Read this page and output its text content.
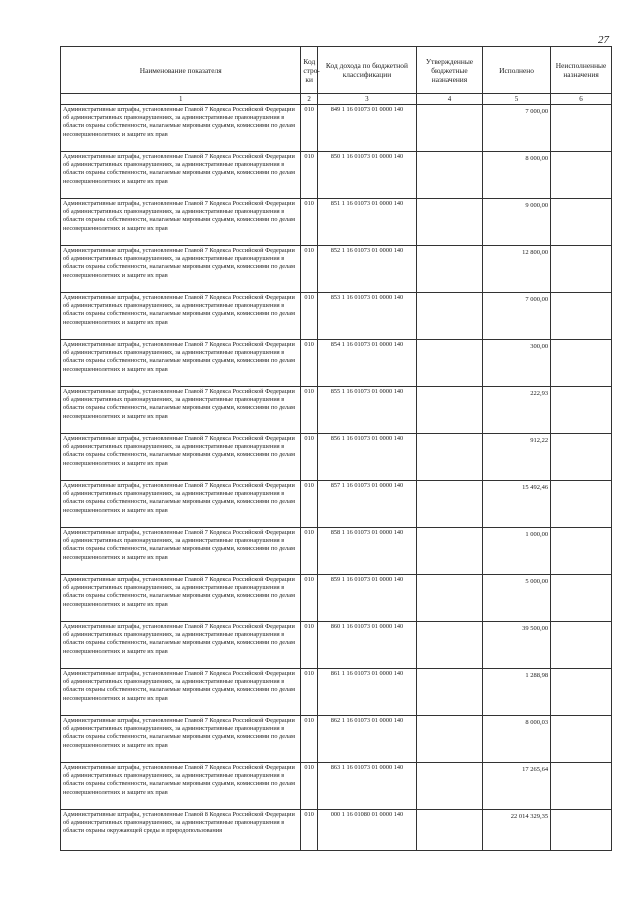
27
Наименование показателя	Код стро-ки	Код дохода по бюджетной классификации	Утвержденные бюджетные назначения	Исполнено	Неисполненные назначения
1	2	3	4	5	6
Административные штрафы, установленные Главой 7 Кодекса Российской Федерации об административных правонарушениях, за административные правонарушения в области охраны собственности, налагаемые мировыми судьями, комиссиями по делам несовершеннолетних и защите их прав	010	849 1 16 01073 01 0000 140		7 000,00	
Административные штрафы, установленные Главой 7 Кодекса Российской Федерации об административных правонарушениях, за административные правонарушения в области охраны собственности, налагаемые мировыми судьями, комиссиями по делам несовершеннолетних и защите их прав	010	850 1 16 01073 01 0000 140		8 000,00	
Административные штрафы, установленные Главой 7 Кодекса Российской Федерации об административных правонарушениях, за административные правонарушения в области охраны собственности, налагаемые мировыми судьями, комиссиями по делам несовершеннолетних и защите их прав	010	851 1 16 01073 01 0000 140		9 000,00	
Административные штрафы, установленные Главой 7 Кодекса Российской Федерации об административных правонарушениях, за административные правонарушения в области охраны собственности, налагаемые мировыми судьями, комиссиями по делам несовершеннолетних и защите их прав	010	852 1 16 01073 01 0000 140		12 800,00	
Административные штрафы, установленные Главой 7 Кодекса Российской Федерации об административных правонарушениях, за административные правонарушения в области охраны собственности, налагаемые мировыми судьями, комиссиями по делам несовершеннолетних и защите их прав	010	853 1 16 01073 01 0000 140		7 000,00	
Административные штрафы, установленные Главой 7 Кодекса Российской Федерации об административных правонарушениях, за административные правонарушения в области охраны собственности, налагаемые мировыми судьями, комиссиями по делам несовершеннолетних и защите их прав	010	854 1 16 01073 01 0000 140		300,00	
Административные штрафы, установленные Главой 7 Кодекса Российской Федерации об административных правонарушениях, за административные правонарушения в области охраны собственности, налагаемые мировыми судьями, комиссиями по делам несовершеннолетних и защите их прав	010	855 1 16 01073 01 0000 140		222,93	
Административные штрафы, установленные Главой 7 Кодекса Российской Федерации об административных правонарушениях, за административные правонарушения в области охраны собственности, налагаемые мировыми судьями, комиссиями по делам несовершеннолетних и защите их прав	010	856 1 16 01073 01 0000 140		912,22	
Административные штрафы, установленные Главой 7 Кодекса Российской Федерации об административных правонарушениях, за административные правонарушения в области охраны собственности, налагаемые мировыми судьями, комиссиями по делам несовершеннолетних и защите их прав	010	857 1 16 01073 01 0000 140		15 492,46	
Административные штрафы, установленные Главой 7 Кодекса Российской Федерации об административных правонарушениях, за административные правонарушения в области охраны собственности, налагаемые мировыми судьями, комиссиями по делам несовершеннолетних и защите их прав	010	858 1 16 01073 01 0000 140		1 000,00	
Административные штрафы, установленные Главой 7 Кодекса Российской Федерации об административных правонарушениях, за административные правонарушения в области охраны собственности, налагаемые мировыми судьями, комиссиями по делам несовершеннолетних и защите их прав	010	859 1 16 01073 01 0000 140		5 000,00	
Административные штрафы, установленные Главой 7 Кодекса Российской Федерации об административных правонарушениях, за административные правонарушения в области охраны собственности, налагаемые мировыми судьями, комиссиями по делам несовершеннолетних и защите их прав	010	860 1 16 01073 01 0000 140		39 500,00	
Административные штрафы, установленные Главой 7 Кодекса Российской Федерации об административных правонарушениях, за административные правонарушения в области охраны собственности, налагаемые мировыми судьями, комиссиями по делам несовершеннолетних и защите их прав	010	861 1 16 01073 01 0000 140		1 288,98	
Административные штрафы, установленные Главой 7 Кодекса Российской Федерации об административных правонарушениях, за административные правонарушения в области охраны собственности, налагаемые мировыми судьями, комиссиями по делам несовершеннолетних и защите их прав	010	862 1 16 01073 01 0000 140		8 000,03	
Административные штрафы, установленные Главой 7 Кодекса Российской Федерации об административных правонарушениях, за административные правонарушения в области охраны собственности, налагаемые мировыми судьями, комиссиями по делам несовершеннолетних и защите их прав	010	863 1 16 01073 01 0000 140		17 265,64	
Административные штрафы, установленные Главой 8 Кодекса Российской Федерации об административных правонарушениях, за административные правонарушения в области охраны окружающей среды и природопользования	010	000 1 16 01080 01 0000 140		22 014 329,35	
